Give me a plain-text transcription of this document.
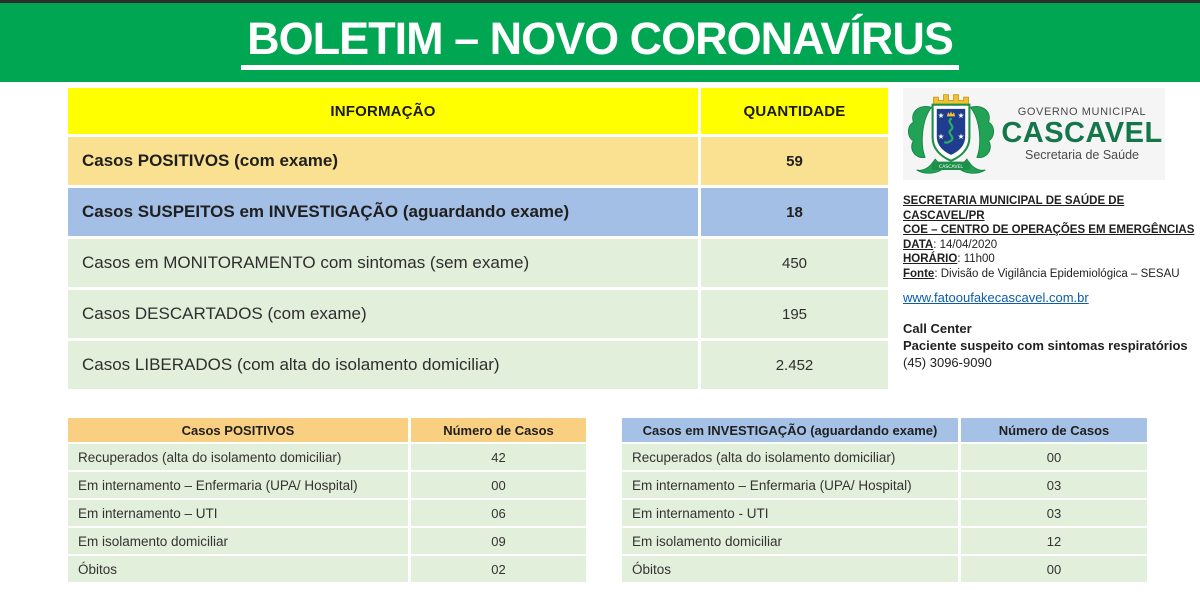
BOLETIM – NOVO CORONAVÍRUS
INFORMAÇÃO	QUANTIDADE
Casos POSITIVOS (com exame)	59
Casos SUSPEITOS em INVESTIGAÇÃO (aguardando exame)	18
Casos em MONITORAMENTO com sintomas (sem exame)	450
Casos DESCARTADOS (com exame)	195
Casos LIBERADOS (com alta do isolamento domiciliar)	2.452
★ ★
★ ★
CASCAVEL
GOVERNO MUNICIPAL
CASCAVEL
Secretaria de Saúde
SECRETARIA MUNICIPAL DE SAÚDE DE CASCAVEL/PR
COE – CENTRO DE OPERAÇÕES EM EMERGÊNCIAS
DATA: 14/04/2020
HORÁRIO: 11h00
Fonte: Divisão de Vigilância Epidemiológica – SESAU
www.fatooufakecascavel.com.br
Call Center
Paciente suspeito com sintomas respiratórios
(45) 3096-9090
Casos POSITIVOS	Número de Casos
Recuperados (alta do isolamento domiciliar)	42
Em internamento – Enfermaria (UPA/ Hospital)	00
Em internamento – UTI	06
Em isolamento domiciliar	09
Óbitos	02
Casos em INVESTIGAÇÃO (aguardando exame)	Número de Casos
Recuperados (alta do isolamento domiciliar)	00
Em internamento – Enfermaria (UPA/ Hospital)	03
Em internamento - UTI	03
Em isolamento domiciliar	12
Óbitos	00
